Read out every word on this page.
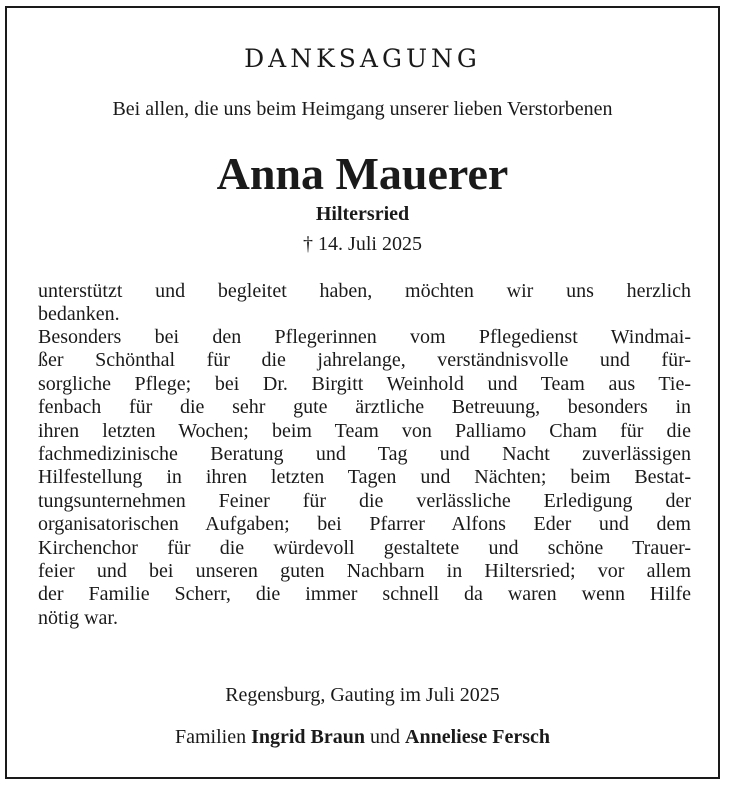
DANKSAGUNG
Bei allen, die uns beim Heimgang unserer lieben Verstorbenen
Anna Mauerer
Hiltersried
† 14. Juli 2025
unterstützt und begleitet haben, möchten wir uns herzlich
bedanken.
Besonders bei den Pflegerinnen vom Pflegedienst Windmai-
ßer Schönthal für die jahrelange, verständnisvolle und für-
sorgliche Pflege; bei Dr. Birgitt Weinhold und Team aus Tie-
fenbach für die sehr gute ärztliche Betreuung, besonders in
ihren letzten Wochen; beim Team von Palliamo Cham für die
fachmedizinische Beratung und Tag und Nacht zuverlässigen
Hilfestellung in ihren letzten Tagen und Nächten; beim Bestat-
tungsunternehmen Feiner für die verlässliche Erledigung der
organisatorischen Aufgaben; bei Pfarrer Alfons Eder und dem
Kirchenchor für die würdevoll gestaltete und schöne Trauer-
feier und bei unseren guten Nachbarn in Hiltersried; vor allem
der Familie Scherr, die immer schnell da waren wenn Hilfe
nötig war.
Regensburg, Gauting im Juli 2025
Familien Ingrid Braun und Anneliese Fersch
